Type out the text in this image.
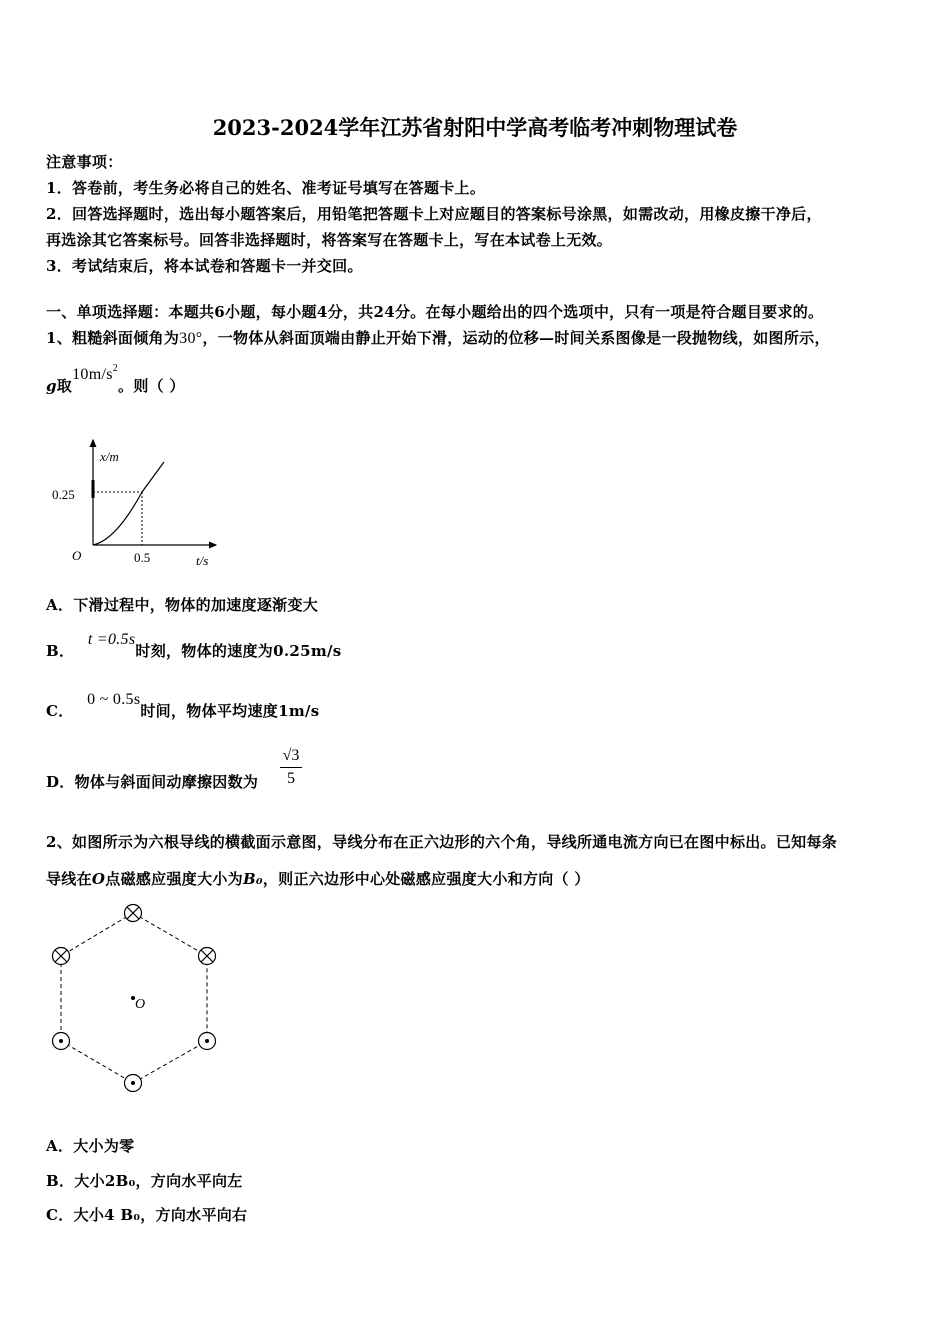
2023-2024学年江苏省射阳中学高考临考冲刺物理试卷
注意事项：
1．答卷前，考生务必将自己的姓名、准考证号填写在答题卡上。
2．回答选择题时，选出每小题答案后，用铅笔把答题卡上对应题目的答案标号涂黑，如需改动，用橡皮擦干净后，
再选涂其它答案标号。回答非选择题时，将答案写在答题卡上，写在本试卷上无效。
3．考试结束后，将本试卷和答题卡一并交回。
一、单项选择题：本题共6小题，每小题4分，共24分。在每小题给出的四个选项中，只有一项是符合题目要求的。
1、粗糙斜面倾角为30°，一物体从斜面顶端由静止开始下滑，运动的位移—时间关系图像是一段抛物线，如图所示，
g取$10m/s^2$。则（ ）
x/m
t/s
O
0.25
0.5
A．下滑过程中，物体的加速度逐渐变大
B． t =0.5s时刻，物体的速度为0.25m/s
C． 0 ~ 0.5s时间，物体平均速度1m/s
D．物体与斜面间动摩擦因数为
√3
5
2、如图所示为六根导线的横截面示意图，导线分布在正六边形的六个角，导线所通电流方向已在图中标出。已知每条
导线在O点磁感应强度大小为B₀，则正六边形中心处磁感应强度大小和方向（ ）
O
A．大小为零
B．大小2B₀，方向水平向左
C．大小4 B₀，方向水平向右
